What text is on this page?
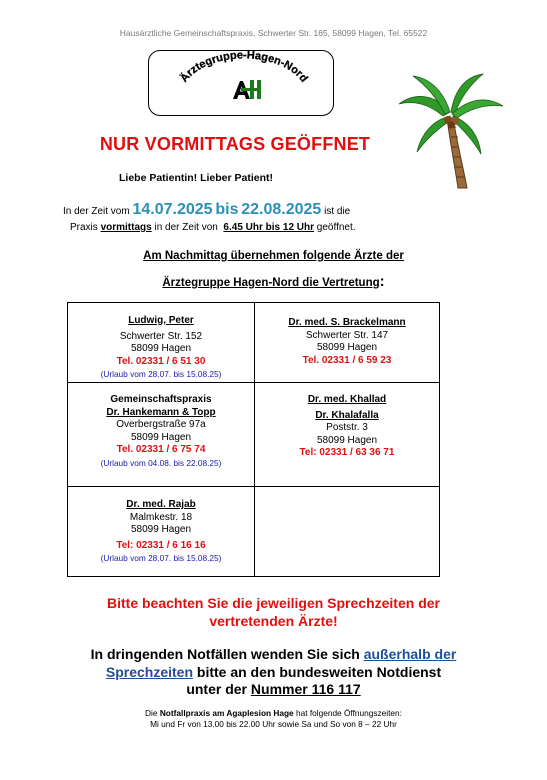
Hausärztliche Gemeinschaftspraxis, Schwerter Str. 165, 58099 Hagen, Tel. 65522
Ärztegruppe-Hagen-Nord
NUR VORMITTAGS GEÖFFNET
Liebe Patientin! Lieber Patient!
In der Zeit vom 14.07.2025 bis 22.08.2025 ist die
Praxis vormittags in der Zeit von 6.45 Uhr bis 12 Uhr geöffnet.
Am Nachmittag übernehmen folgende Ärzte der
Ärztegruppe Hagen-Nord die Vertretung:
Ludwig, Peter
Schwerter Str. 152
58099 Hagen
Tel. 02331 / 6 51 30
(Urlaub vom 28.07. bis 15.08.25)
Dr. med. S. Brackelmann
Schwerter Str. 147
58099 Hagen
Tel. 02331 / 6 59 23
Gemeinschaftspraxis
Dr. Hankemann & Topp
Overbergstraße 97a
58099 Hagen
Tel. 02331 / 6 75 74
(Urlaub vom 04.08. bis 22.08.25)
Dr. med. Khallad
Dr. Khalafalla
Poststr. 3
58099 Hagen
Tel: 02331 / 63 36 71
Dr. med. Rajab
Malmkestr. 18
58099 Hagen
Tel: 02331 / 6 16 16
(Urlaub vom 28.07. bis 15.08.25)
Bitte beachten Sie die jeweiligen Sprechzeiten der
vertretenden Ärzte!
In dringenden Notfällen wenden Sie sich außerhalb der
Sprechzeiten bitte an den bundesweiten Notdienst
unter der Nummer 116 117
Die Notfallpraxis am Agaplesion Hage hat folgende Öffnungszeiten:
Mi und Fr von 13.00 bis 22.00 Uhr sowie Sa und So von 8 – 22 Uhr
